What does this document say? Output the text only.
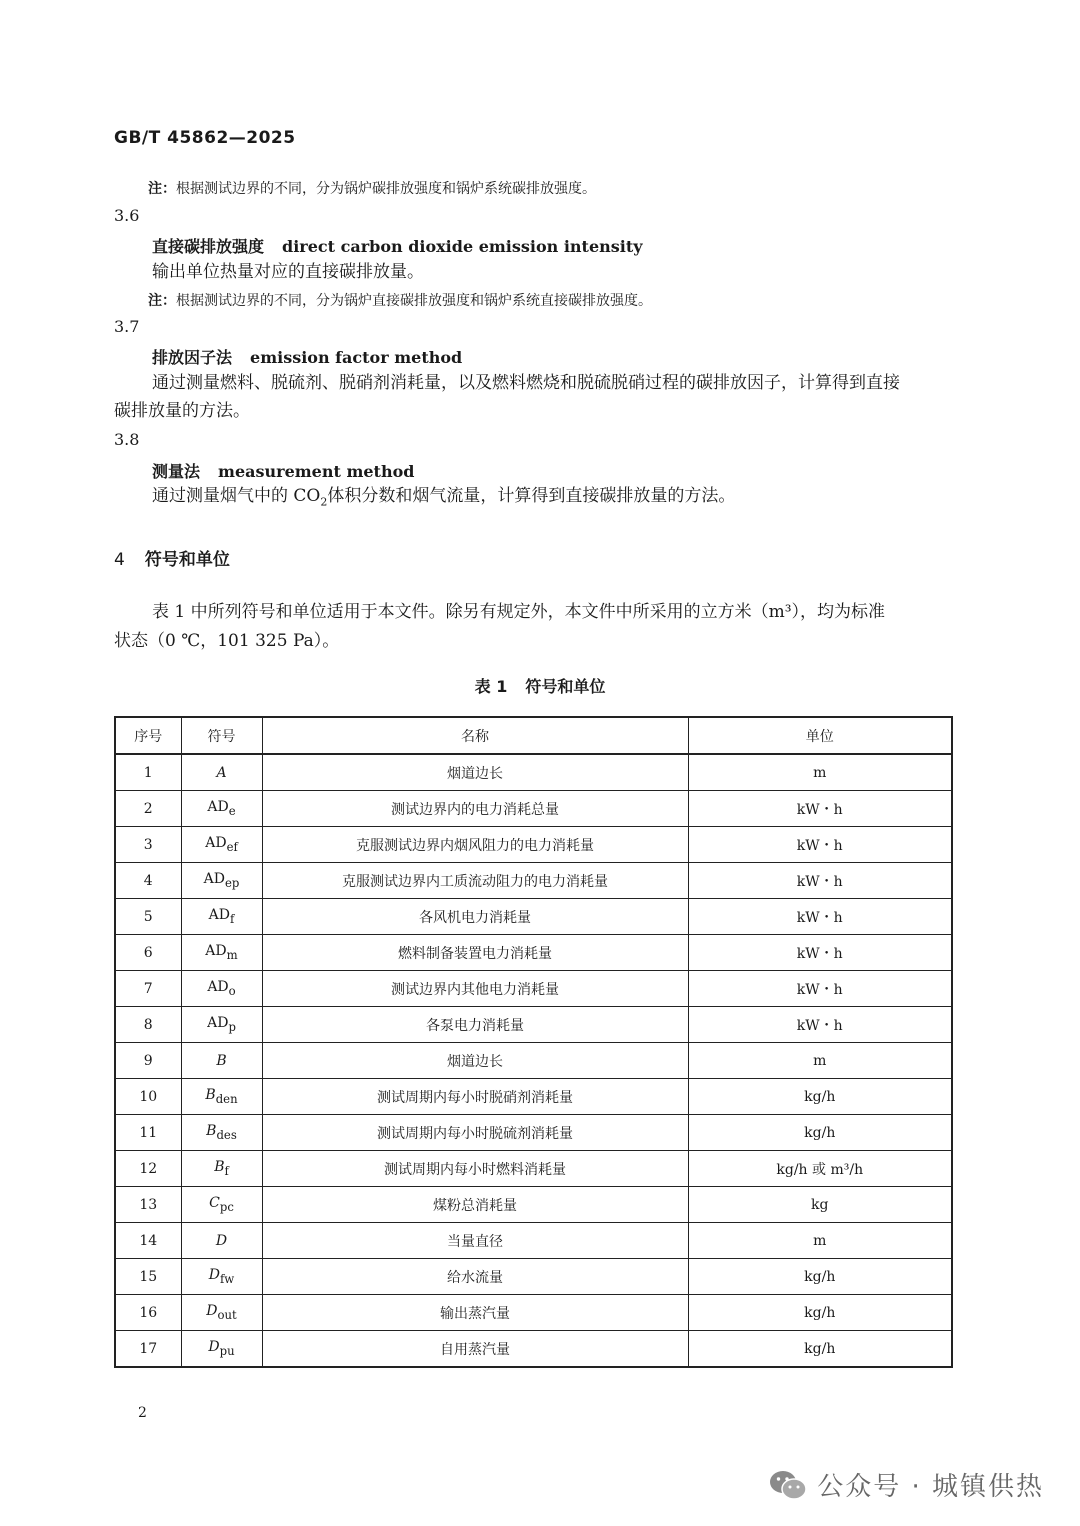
GB/T 45862—2025
注：根据测试边界的不同，分为锅炉碳排放强度和锅炉系统碳排放强度。
3.6
直接碳排放强度 direct carbon dioxide emission intensity
输出单位热量对应的直接碳排放量。
注：根据测试边界的不同，分为锅炉直接碳排放强度和锅炉系统直接碳排放强度。
3.7
排放因子法 emission factor method
通过测量燃料、脱硫剂、脱硝剂消耗量，以及燃料燃烧和脱硫脱硝过程的碳排放因子，计算得到直接
碳排放量的方法。
3.8
测量法 measurement method
通过测量烟气中的 $CO_2$体积分数和烟气流量，计算得到直接碳排放量的方法。
4 符号和单位
表 1 中所列符号和单位适用于本文件。除另有规定外，本文件中所采用的立方米（m³），均为标准
状态（0 ℃，101 325 Pa）。
表 1 符号和单位
序号	符号	名称	单位
1	A	烟道边长	m
2	$AD_e$	测试边界内的电力消耗总量	kW・h
3	$AD_{ef}$	克服测试边界内烟风阻力的电力消耗量	kW・h
4	$AD_{ep}$	克服测试边界内工质流动阻力的电力消耗量	kW・h
5	$AD_f$	各风机电力消耗量	kW・h
6	$AD_m$	燃料制备装置电力消耗量	kW・h
7	$AD_o$	测试边界内其他电力消耗量	kW・h
8	$AD_p$	各泵电力消耗量	kW・h
9	B	烟道边长	m
10	$B_{den}$	测试周期内每小时脱硝剂消耗量	kg/h
11	$B_{des}$	测试周期内每小时脱硫剂消耗量	kg/h
12	$B_f$	测试周期内每小时燃料消耗量	kg/h 或 m³/h
13	$C_{pc}$	煤粉总消耗量	kg
14	D	当量直径	m
15	$D_{fw}$	给水流量	kg/h
16	$D_{out}$	输出蒸汽量	kg/h
17	$D_{pu}$	自用蒸汽量	kg/h
2
公众号 · 城镇供热
